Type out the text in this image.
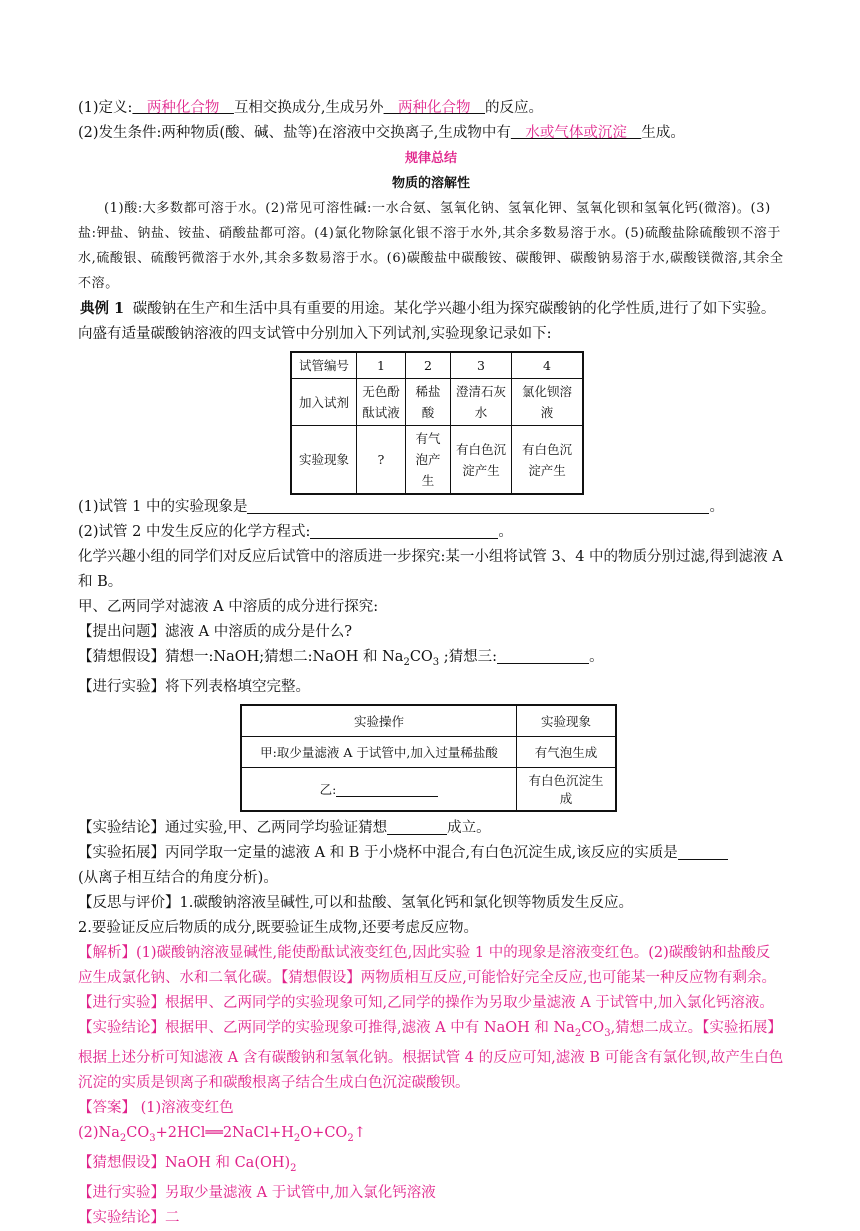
(1)定义:　两种化合物　互相交换成分,生成另外　两种化合物　的反应。
(2)发生条件:两种物质(酸、碱、盐等)在溶液中交换离子,生成物中有　水或气体或沉淀　生成。
规律总结
物质的溶解性
(1)酸:大多数都可溶于水。(2)常见可溶性碱:一水合氨、氢氧化钠、氢氧化钾、氢氧化钡和氢氧化钙(微溶)。(3)盐:钾盐、钠盐、铵盐、硝酸盐都可溶。(4)氯化物除氯化银不溶于水外,其余多数易溶于水。(5)硫酸盐除硫酸钡不溶于水,硫酸银、硫酸钙微溶于水外,其余多数易溶于水。(6)碳酸盐中碳酸铵、碳酸钾、碳酸钠易溶于水,碳酸镁微溶,其余全不溶。
典例 1 碳酸钠在生产和生活中具有重要的用途。某化学兴趣小组为探究碳酸钠的化学性质,进行了如下实验。
向盛有适量碳酸钠溶液的四支试管中分别加入下列试剂,实验现象记录如下:
试管编号	1	2	3	4
加入试剂	无色酚酞试液	稀盐酸	澄清石灰水	氯化钡溶液
实验现象	?	有气泡产生	有白色沉淀产生	有白色沉淀产生
(1)试管 1 中的实验现象是	。
(2)试管 2 中发生反应的化学方程式:	。
化学兴趣小组的同学们对反应后试管中的溶质进一步探究:某一小组将试管 3、4 中的物质分别过滤,得到滤液 A 和 B。
甲、乙两同学对滤液 A 中溶质的成分进行探究:
【提出问题】滤液 A 中溶质的成分是什么?
【猜想假设】猜想一:NaOH;猜想二:NaOH 和 $Na_2CO_3$ ;猜想三:	。
【进行实验】将下列表格填空完整。
实验操作	实验现象
甲:取少量滤液 A 于试管中,加入过量稀盐酸	有气泡生成
乙:	有白色沉淀生成
【实验结论】通过实验,甲、乙两同学均验证猜想	成立。
【实验拓展】丙同学取一定量的滤液 A 和 B 于小烧杯中混合,有白色沉淀生成,该反应的实质是
(从离子相互结合的角度分析)。
【反思与评价】1.碳酸钠溶液呈碱性,可以和盐酸、氢氧化钙和氯化钡等物质发生反应。
2.要验证反应后物质的成分,既要验证生成物,还要考虑反应物。
【解析】(1)碳酸钠溶液显碱性,能使酚酞试液变红色,因此实验 1 中的现象是溶液变红色。(2)碳酸钠和盐酸反应生成氯化钠、水和二氧化碳。【猜想假设】两物质相互反应,可能恰好完全反应,也可能某一种反应物有剩余。【进行实验】根据甲、乙两同学的实验现象可知,乙同学的操作为另取少量滤液 A 于试管中,加入氯化钙溶液。【实验结论】根据甲、乙两同学的实验现象可推得,滤液 A 中有 NaOH 和 $Na_2CO_3$,猜想二成立。【实验拓展】根据上述分析可知滤液 A 含有碳酸钠和氢氧化钠。根据试管 4 的反应可知,滤液 B 可能含有氯化钡,故产生白色沉淀的实质是钡离子和碳酸根离子结合生成白色沉淀碳酸钡。
【答案】 (1)溶液变红色
$(2)Na_2CO_3+2HCl══2NaCl+H_2O+CO_2↑$
【猜想假设】NaOH 和 $Ca(OH)_2$
【进行实验】另取少量滤液 A 于试管中,加入氯化钙溶液
【实验结论】二
